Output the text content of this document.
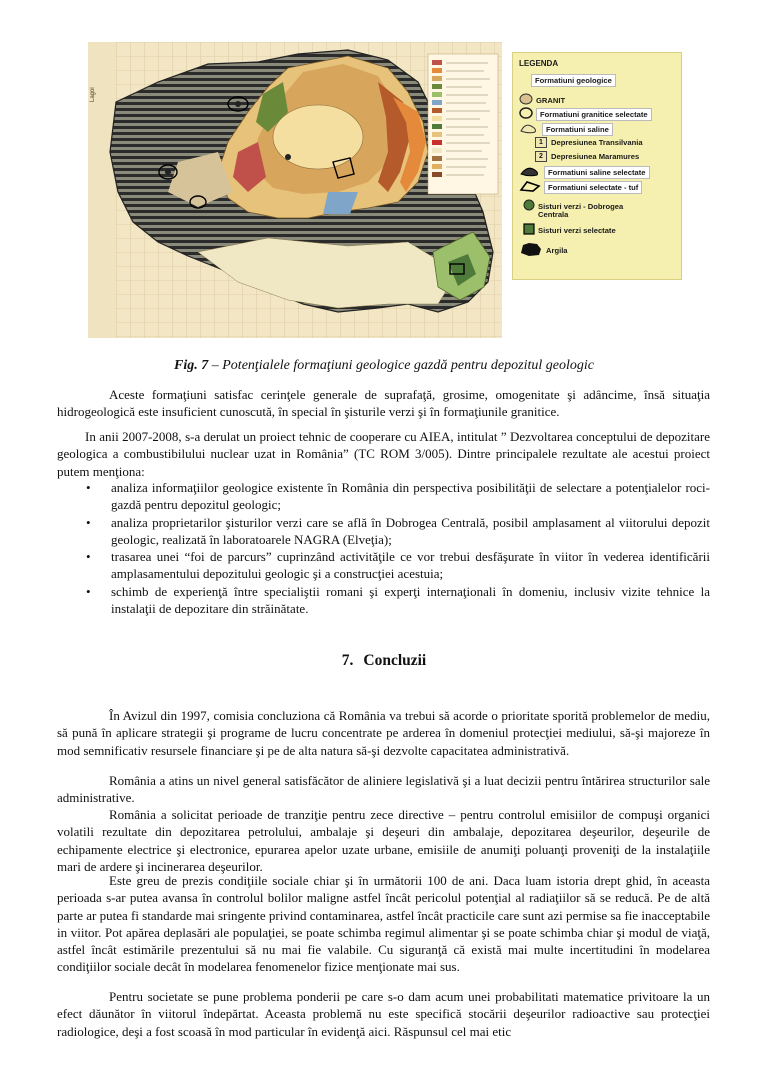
Lagoi
LEGENDA
Formatiuni geologice
GRANIT
Formatiuni granitice selectate
Formatiuni saline
1	Depresiunea Transilvania
2	Depresiunea Maramures
Formatiuni saline selectate
Formatiuni selectate - tuf
Sisturi verzi - Dobrogea
Centrala
Sisturi verzi selectate
Argila
Fig. 7 – Potenţialele formaţiuni geologice gazdă pentru depozitul geologic

Aceste formaţiuni satisfac cerinţele generale de suprafaţă, grosime, omogenitate şi adâncime, însă situaţia hidrogeologică este insuficient cunoscută, în special în şisturile verzi şi în formaţiunile granitice.

In anii 2007-2008, s-a derulat un proiect tehnic de cooperare cu AIEA, intitulat ” Dezvoltarea conceptului de depozitare geologica a combustibilului nuclear uzat in România” (TC ROM 3/005). Dintre principalele rezultate ale acestui proiect putem menţiona:

• analiza informaţiilor geologice existente în România din perspectiva posibilităţii de selectare a potenţialelor roci-gazdă pentru depozitul geologic;
• analiza proprietarilor şisturilor verzi care se află în Dobrogea Centrală, posibil amplasament al viitorului depozit geologic, realizată în laboratoarele NAGRA (Elveţia);
• trasarea unei “foi de parcurs” cuprinzând activităţile ce vor trebui desfăşurate în viitor în vederea identificării amplasamentului depozitului geologic şi a construcţiei acestuia;
• schimb de experienţă între specialiştii romani şi experţi internaţionali în domeniu, inclusiv vizite tehnice la instalaţii de depozitare din străinătate.
7. Concluzii

În Avizul din 1997, comisia concluziona că România va trebui să acorde o prioritate sporită problemelor de mediu, să pună în aplicare strategii şi programe de lucru concentrate pe arderea în domeniul protecţiei mediului, să-şi majoreze în mod semnificativ resursele financiare şi pe de alta natura să-şi dezvolte capacitatea administrativă.

România a atins un nivel general satisfăcător de aliniere legislativă şi a luat decizii pentru întărirea structurilor sale administrative.

România a solicitat perioade de tranziţie pentru zece directive – pentru controlul emisiilor de compuşi organici volatili rezultate din depozitarea petrolului, ambalaje şi deşeuri din ambalaje, depozitarea deşeurilor, deşeurile de echipamente electrice şi electronice, epurarea apelor uzate urbane, emisiile de anumiţi poluanţi proveniţi de la instalaţiile mari de ardere şi incinerarea deşeurilor.

Este greu de prezis condiţiile sociale chiar şi în următorii 100 de ani. Daca luam istoria drept ghid, în aceasta perioada s-ar putea avansa în controlul bolilor maligne astfel încât pericolul potenţial al radiaţiilor să se reducă. Pe de altă parte ar putea fi standarde mai sringente privind contaminarea, astfel încât practicile care sunt azi permise sa fie inacceptabile in viitor. Pot apărea deplasări ale populaţiei, se poate schimba regimul alimentar şi se poate schimba chiar şi modul de viaţă, astfel încât estimările prezentului să nu mai fie valabile. Cu siguranţă că există mai multe incertitudini în modelarea condiţiilor sociale decât în modelarea fenomenelor fizice menţionate mai sus.

Pentru societate se pune problema ponderii pe care s-o dam acum unei probabilitati matematice privitoare la un efect dăunător în viitorul îndepărtat. Aceasta problemă nu este specifică stocării deşeurilor radioactive sau protecţiei radiologice, deşi a fost scoasă în mod particular în evidenţă aici. Răspunsul cel mai etic
